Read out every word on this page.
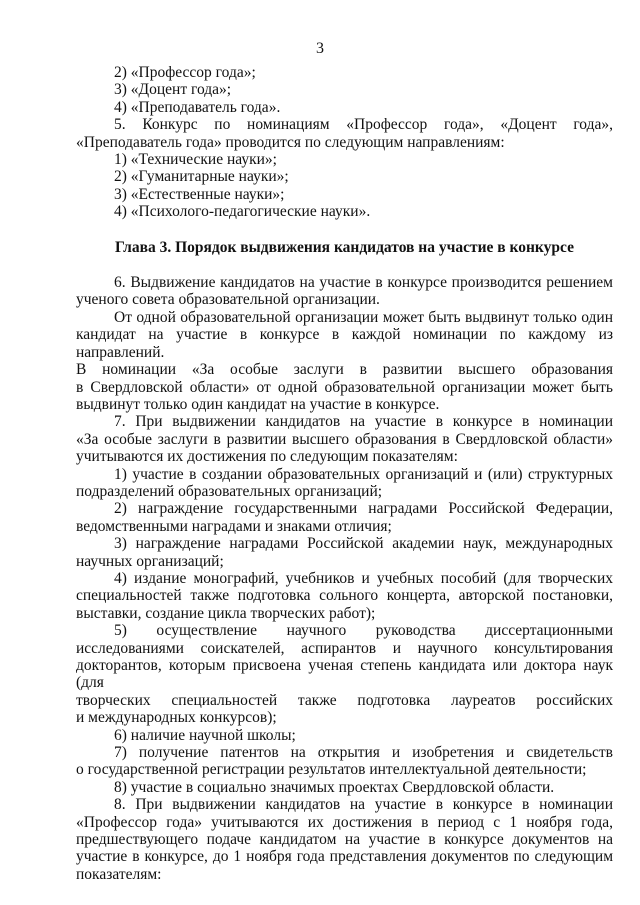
3

2) «Профессор года»;

3) «Доцент года»;

4) «Преподаватель года».

5. Конкурс по номинациям «Профессор года», «Доцент года»,

«Преподаватель года» проводится по следующим направлениям:

1) «Технические науки»;

2) «Гуманитарные науки»;

3) «Естественные науки»;

4) «Психолого-педагогические науки».

Глава 3. Порядок выдвижения кандидатов на участие в конкурсе

6. Выдвижение кандидатов на участие в конкурсе производится решением

ученого совета образовательной организации.

От одной образовательной организации может быть выдвинут только один

кандидат на участие в конкурсе в каждой номинации по каждому из направлений.

В номинации «За особые заслуги в развитии высшего образования

в Свердловской области» от одной образовательной организации может быть

выдвинут только один кандидат на участие в конкурсе.

7. При выдвижении кандидатов на участие в конкурсе в номинации

«За особые заслуги в развитии высшего образования в Свердловской области»

учитываются их достижения по следующим показателям:

1) участие в создании образовательных организаций и (или) структурных

подразделений образовательных организаций;

2) награждение государственными наградами Российской Федерации,

ведомственными наградами и знаками отличия;

3) награждение наградами Российской академии наук, международных

научных организаций;

4) издание монографий, учебников и учебных пособий (для творческих

специальностей также подготовка сольного концерта, авторской постановки,

выставки, создание цикла творческих работ);

5) осуществление научного руководства диссертационными

исследованиями соискателей, аспирантов и научного консультирования

докторантов, которым присвоена ученая степень кандидата или доктора наук (для

творческих специальностей также подготовка лауреатов российских

и международных конкурсов);

6) наличие научной школы;

7) получение патентов на открытия и изобретения и свидетельств

о государственной регистрации результатов интеллектуальной деятельности;

8) участие в социально значимых проектах Свердловской области.

8. При выдвижении кандидатов на участие в конкурсе в номинации

«Профессор года» учитываются их достижения в период с 1 ноября года,

предшествующего подаче кандидатом на участие в конкурсе документов на

участие в конкурсе, до 1 ноября года представления документов по следующим

показателям:
